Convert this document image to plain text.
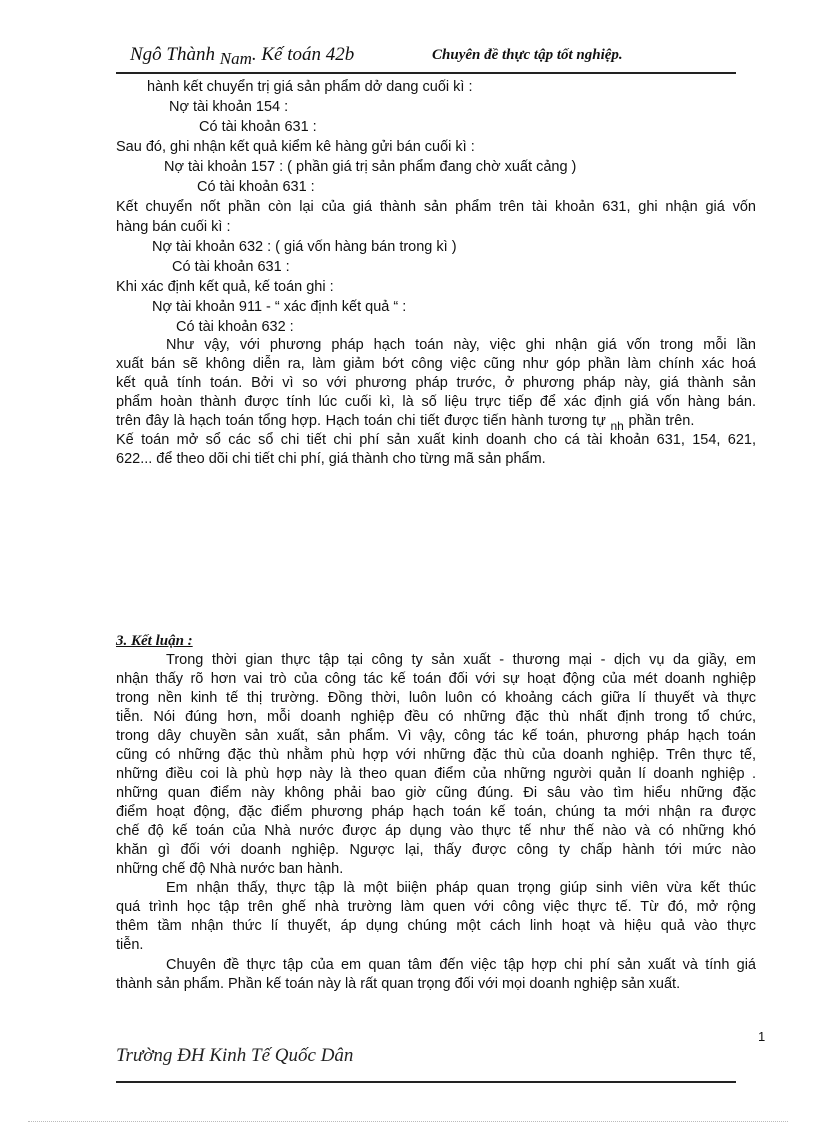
Ngô Thành Nam. Kế toán 42b	Chuyên đề thực tập tốt nghiệp.
hành kết chuyển trị giá sản phẩm dở dang cuối kì :
Nợ tài khoản 154 :
Có tài khoản 631 :
Sau đó, ghi nhận kết quả kiểm kê hàng gửi bán cuối kì :
Nợ tài khoản 157 : ( phần giá trị sản phẩm đang chờ xuất cảng )
Có tài khoản 631 :
Kết chuyển nốt phần còn lại của giá thành sản phẩm trên tài khoản 631, ghi nhận giá vốn
hàng bán cuối kì :
Nợ tài khoản 632 : ( giá vốn hàng bán trong kì )
Có tài khoản 631 :
Khi xác định kết quả, kế toán ghi :
Nợ tài khoản 911 - “ xác định kết quả “ :
Có tài khoản 632 :
Như vậy, với phương pháp hạch toán này, việc ghi nhận giá vốn trong mỗi lần
xuất bán sẽ không diễn ra, làm giảm bớt công việc cũng như góp phần làm chính xác hoá
kết quả tính toán. Bởi vì so với phương pháp trước, ở phương pháp này, giá thành sản
phẩm hoàn thành được tính lúc cuối kì, là số liệu trực tiếp để xác định giá vốn hàng bán.
trên đây là hạch toán tổng hợp. Hạch toán chi tiết được tiến hành tương tự $_{nh}$ phần trên.
Kế toán mở sổ các sổ chi tiết chi phí sản xuất kinh doanh cho cá tài khoản 631, 154, 621,
622... để theo dõi chi tiết chi phí, giá thành cho từng mã sản phẩm.
3. Kết luận :
Trong thời gian thực tập tại công ty sản xuất - thương mại - dịch vụ da giầy, em
nhận thấy rõ hơn vai trò của công tác kế toán đối với sự hoạt động của mét doanh nghiệp
trong nền kinh tế thị trường. Đồng thời, luôn luôn có khoảng cách giữa lí thuyết và thực
tiễn. Nói đúng hơn, mỗi doanh nghiệp đều có những đặc thù nhất định trong tổ chức,
trong dây chuyền sản xuất, sản phẩm. Vì vậy, công tác kế toán, phương pháp hạch toán
cũng có những đặc thù nhằm phù hợp với những đặc thù của doanh nghiệp. Trên thực tế,
những điều coi là phù hợp này là theo quan điểm của những người quản lí doanh nghiệp .
những quan điểm này không phải bao giờ cũng đúng. Đi sâu vào tìm hiểu những đặc
điểm hoạt động, đặc điểm phương pháp hạch toán kế toán, chúng ta mới nhận ra được
chế độ kế toán của Nhà nước được áp dụng vào thực tế như thế nào và có những khó
khăn gì đối với doanh nghiệp. Ngược lại, thấy được công ty chấp hành tới mức nào
những chế độ Nhà nước ban hành.
Em nhận thấy, thực tập là một biiện pháp quan trọng giúp sinh viên vừa kết thúc
quá trình học tập trên ghế nhà trường làm quen với công việc thực tế. Từ đó, mở rộng
thêm tầm nhận thức lí thuyết, áp dụng chúng một cách linh hoạt và hiệu quả vào thực
tiễn.
Chuyên đề thực tập của em quan tâm đến việc tập hợp chi phí sản xuất và tính giá
thành sản phẩm. Phần kế toán này là rất quan trọng đối với mọi doanh nghiệp sản xuất.
1
Trường ĐH Kinh Tế Quốc Dân
